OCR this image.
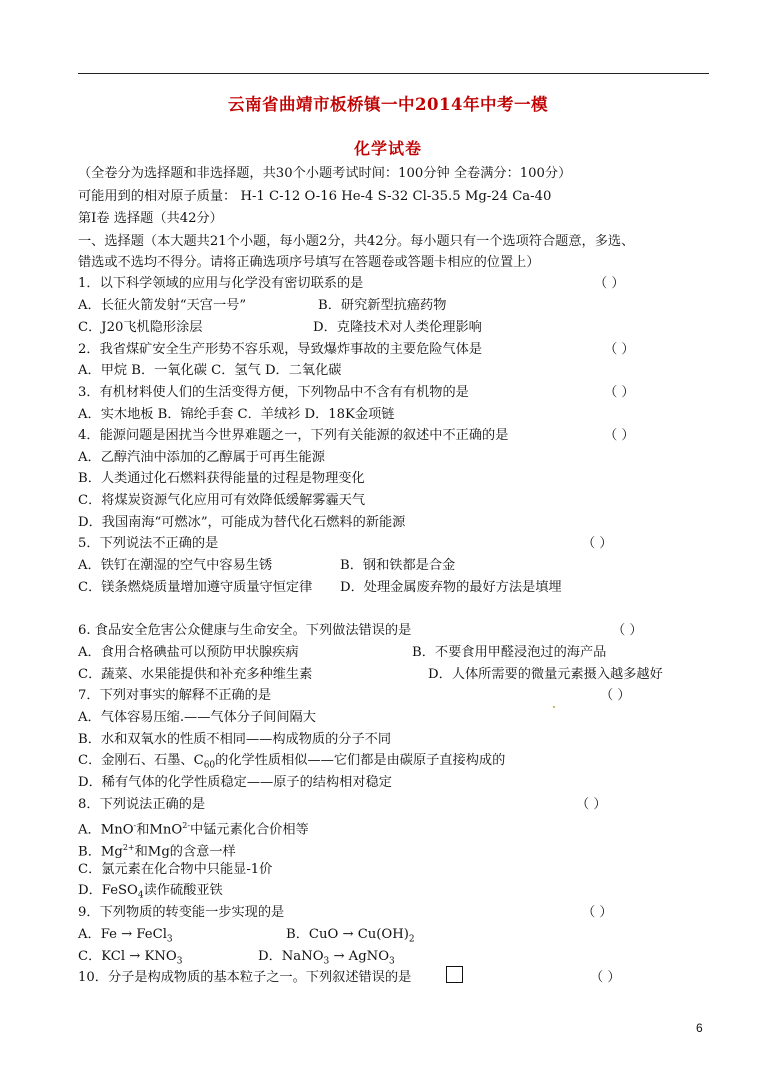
云南省曲靖市板桥镇一中2014年中考一模
化学试卷
（全卷分为选择题和非选择题，共30个小题考试时间：100分钟 全卷满分：100分）
可能用到的相对原子质量： H-1 C-12 O-16 He-4 S-32 Cl-35.5 Mg-24 Ca-40
第Ⅰ卷 选择题（共42分）
一、选择题（本大题共21个小题，每小题2分，共42分。每小题只有一个选项符合题意，多选、
错选或不选均不得分。请将正确选项序号填写在答题卷或答题卡相应的位置上）
1．以下科学领域的应用与化学没有密切联系的是	（ ）
A．长征火箭发射“天宫一号”	B．研究新型抗癌药物
C．J20飞机隐形涂层	D．克隆技术对人类伦理影响
2．我省煤矿安全生产形势不容乐观，导致爆炸事故的主要危险气体是	（ ）
A．甲烷 B．一氧化碳 C．氢气 D．二氧化碳
3．有机材料使人们的生活变得方便，下列物品中不含有有机物的是	（ ）
A．实木地板 B．锦纶手套 C．羊绒衫 D．18K金项链
4．能源问题是困扰当今世界难题之一，下列有关能源的叙述中不正确的是	（ ）
A．乙醇汽油中添加的乙醇属于可再生能源
B．人类通过化石燃料获得能量的过程是物理变化
C．将煤炭资源气化应用可有效降低缓解雾霾天气
D．我国南海“可燃冰”，可能成为替代化石燃料的新能源
5．下列说法不正确的是	（ ）
A．铁钉在潮湿的空气中容易生锈	B．钢和铁都是合金
C．镁条燃烧质量增加遵守质量守恒定律 D．处理金属废弃物的最好方法是填埋
6. 食品安全危害公众健康与生命安全。下列做法错误的是	（ ）
A．食用合格碘盐可以预防甲状腺疾病	B．不要食用甲醛浸泡过的海产品
C．蔬菜、水果能提供和补充多种维生素	D．人体所需要的微量元素摄入越多越好
7．下列对事实的解释不正确的是	（ ）
A．气体容易压缩.——气体分子间间隔大
B．水和双氧水的性质不相同——构成物质的分子不同
C．金刚石、石墨、$C_{60}$的化学性质相似——它们都是由碳原子直接构成的
D．稀有气体的化学性质稳定——原子的结构相对稳定
8．下列说法正确的是	（ ）
A．MnO-和MnO$^{2-}$中锰元素化合价相等
B．$Mg^{2+}$和Mg的含意一样
C．氯元素在化合物中只能显-1价
D．FeSO$_4$读作硫酸亚铁
9．下列物质的转变能一步实现的是	（ ）
A．Fe → FeCl$_3$	B．CuO → $Cu(OH)_2$
C．KCl → $KNO_3$	D．NaNO$_3$ → AgNO$_3$
10．分子是构成物质的基本粒子之一。下列叙述错误的是	（ ）
6
